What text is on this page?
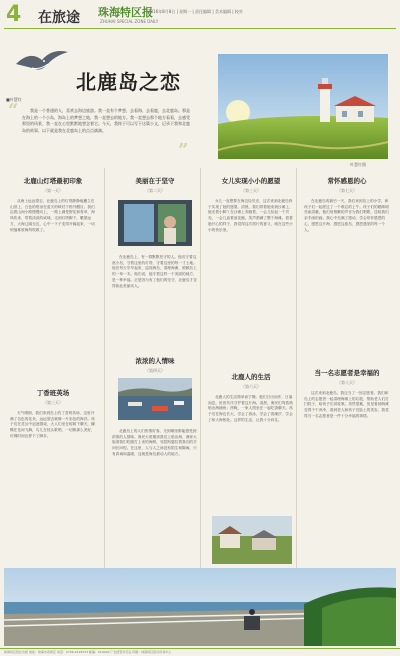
4 在旅途 珠海特区报
ZHUHAI SPECIAL ZONE DAILY
2016年8月8日 | 星期一 | 责任编辑 | 美术编辑 | 校对
北鹿岛之恋
■叶慧红
“	我是一个普通的人，喜欢去海边旅游。我一直有个梦想，去看海、去看鹿，去北鹿岛。那是在海上的一个小岛，海岛上的梦想之地，我一直想去的地方。我一直想去那个地方看看，去感受那里的风景，我一直在心里默默地想念着它。今天，我终于可以写下这篇小文，记录下我和北鹿岛的故事，以下就是我在北鹿岛上的点点滴滴。

”
叶慧红摄
北鹿山灯塔最初印象
（第一天）
从海上远远望去，北鹿岛上的灯塔静静地矗立在山顶上，白色的塔身在蓝天的映衬下格外醒目。我们沿着山间小路慢慢向上，一路上满是野花和青草，海风吹来，带着淡淡的咸味。走到灯塔脚下，眺望远方，大海辽阔无边，心中一下子变得开阔起来，一切烦恼都被海风吹散了。
美丽在于坚守
（第二天）
在北鹿岛上，有一群默默坚守的人。他们守着这座小岛，守着这里的灯塔，守着这里的每一寸土地。他们每天早早起来，巡视海岛，清理海滩，照顾岛上的一草一木。他们说，能守着这样一个美丽的地方，是一种幸福。正是因为有了他们的坚守，北鹿岛才变得如此美丽动人。
女儿实现小小的愿望
（第三天）
女儿一直想要在海边捡贝壳，这次来到北鹿岛终于实现了她的愿望。清晨，我们带着她来到沙滩上，她光着小脚丫在沙滩上奔跑着，一会儿捡起一个贝壳，一会儿追着浪花跑，笑声洒满了整个海滩。看着她开心的样子，我觉得这次旅行的意义，就在这些小小的快乐里。
常怀感恩的心
（第七天）
在北鹿岛的最后一天，我们来到岛上的小学，和孩子们一起度过了一个难忘的上午。孩子们的眼睛明亮而清澈，他们用稚嫩的声音为我们唱歌，送给我们亲手画的画。我心中充满了感动，学会常怀感恩的心，感恩这片海，感恩这座岛，感恩遇见的每一个人。
丁香班英场
（第三天）
天气晴朗，我们来到岛上的丁香班英场，这里开满了各色的花朵，远远望去就像一片彩色的海洋。孩子们在花丛中追逐嬉戏，大人们坐在树荫下聊天，蝴蝶在花间飞舞，鸟儿在枝头歌唱，一切都那么美好，仿佛时间也停下了脚步。
浓浓的人情味
（第四天）
北鹿岛上的人们热情好客，走到哪里都能感受到浓浓的人情味。渔民大哥邀请我们上船出海，渔家大姐请我们吃刚打上来的海鲜，邻居阿婆拉着我们的手问长问短。在这里，人与人之间没有陌生和隔阂，只有真诚和温暖，这就是海岛最动人的地方。
北鹿人的生活
（第六天）
北鹿人的生活简单而宁静。他们日出而作，日落而息，世世代代守护着这片海。清晨，渔民们驾着渔船出海捕鱼；傍晚，一家人围坐在一起吃饭聊天。孩子们在海边长大，学会了游泳，学会了看潮汐，学会了和大海相处。这样的生活，让我十分向往。
当一名志愿者是幸福的
（第八天）
这次来到北鹿岛，我还当了一回志愿者。我们和岛上的志愿者一起清理海滩上的垃圾，帮助老人们打扫院子，给孩子们讲故事。虽然很累，但是看到海滩变得干干净净，看到老人和孩子们脸上的笑容，我觉得当一名志愿者是一件十分幸福的事情。
珠海特区报社出版 地址：珠海市香洲区 电话：0756-2218333 邮编：519000 广告经营许可证 印刷：珠海特区报社印务中心
